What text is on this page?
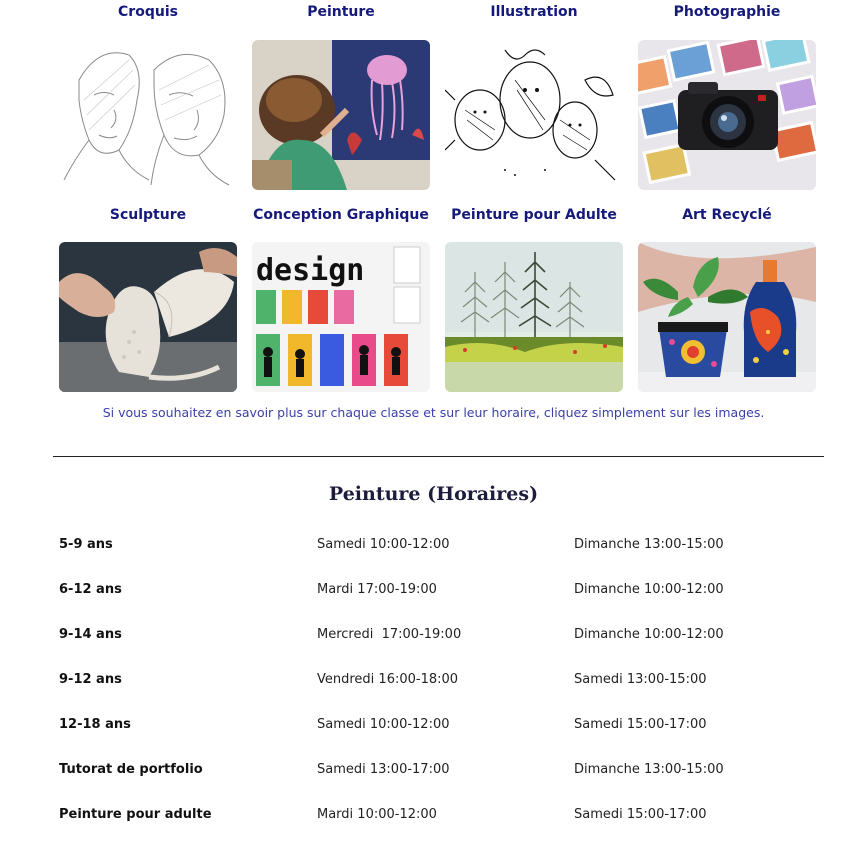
Croquis	Peinture	Illustration	Photographie
Sculpture	Conception Graphique	Peinture pour Adulte	Art Recyclé
design
Si vous souhaitez en savoir plus sur chaque classe et sur leur horaire, cliquez simplement sur les images.
Peinture (Horaires)
5-9 ans	Samedi 10:00-12:00	Dimanche 13:00-15:00
6-12 ans	Mardi 17:00-19:00	Dimanche 10:00-12:00
9-14 ans	Mercredi  17:00-19:00	Dimanche 10:00-12:00
9-12 ans	Vendredi 16:00-18:00	Samedi 13:00-15:00
12-18 ans	Samedi 10:00-12:00	Samedi 15:00-17:00
Tutorat de portfolio	Samedi 13:00-17:00	Dimanche 13:00-15:00
Peinture pour adulte	Mardi 10:00-12:00	Samedi 15:00-17:00
